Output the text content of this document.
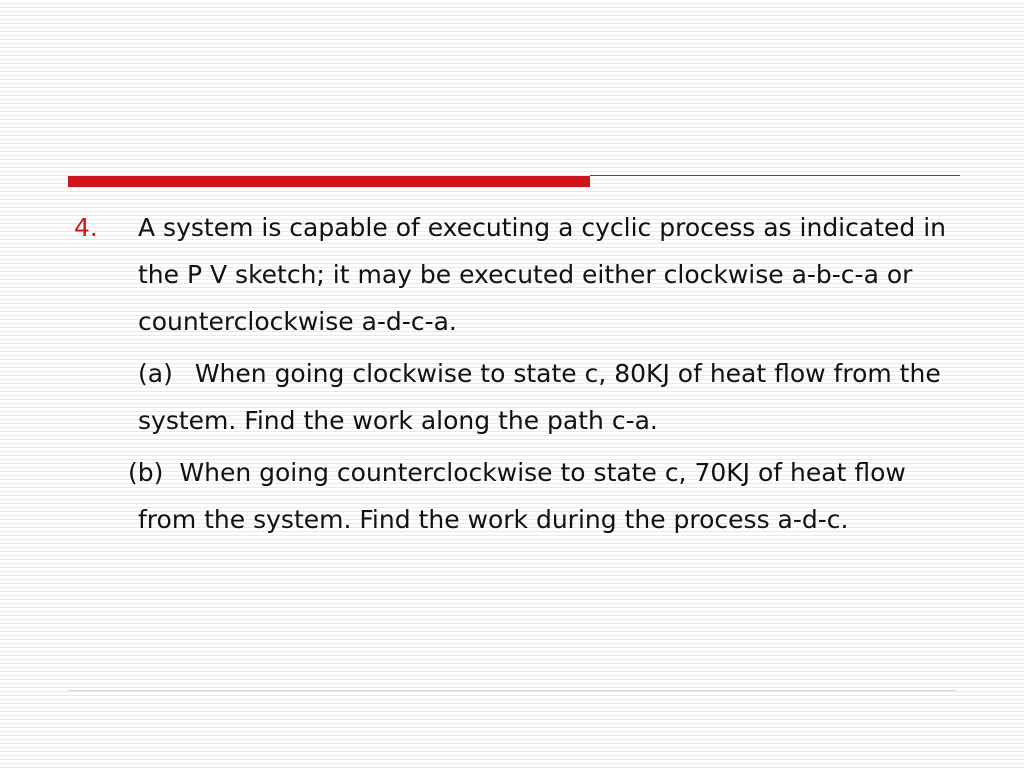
4.	A system is capable of executing a cyclic process as indicated in the P V sketch; it may be executed either clockwise a-b-c-a or counterclockwise a-d-c-a.

(a) When going clockwise to state c, 80KJ of heat flow from the system. Find the work along the path c-a.

(b) When going counterclockwise to state c, 70KJ of heat flow from the system. Find the work during the process a-d-c.
